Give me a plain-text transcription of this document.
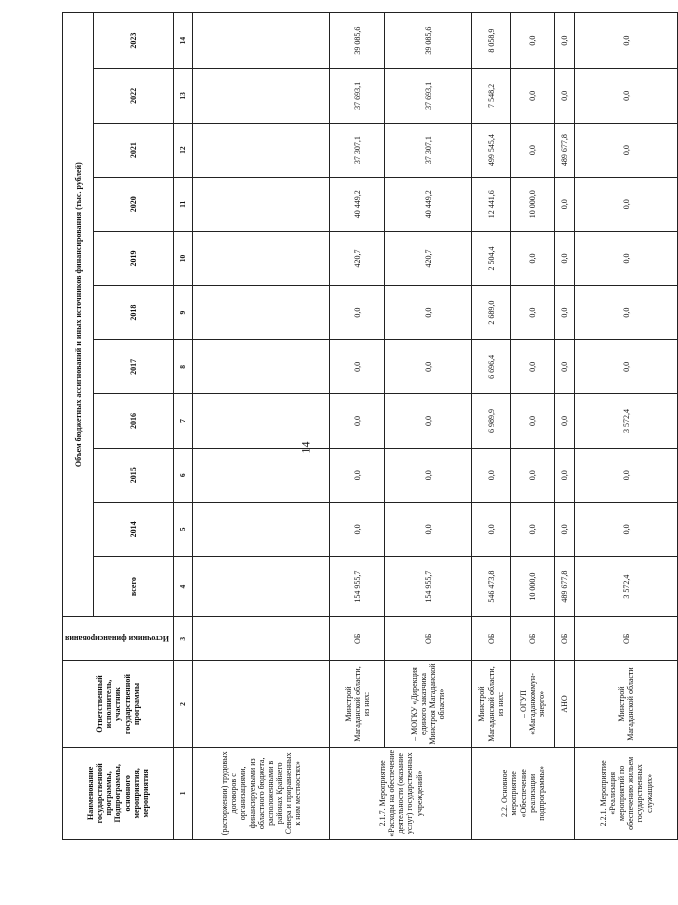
14
Наименование государственной программы, Подпрограммы, основного мероприятия, мероприятия	Ответственный исполнитель, участник государственной программы	Источники финансирования	Объем бюджетных ассигнований и иных источников финансирования (тыс. рублей)										
			всего	2014	2015	2016	2017	2018	2019	2020	2021	2022	2023
1	2	3	4	5	6	7	8	9	10	11	12	13	14
(расторжении) трудовых договоров с организациями, финансируемыми из областного бюджета, расположенными в районах Крайнего Севера и приравненных к ним местностях»													
2.1.7. Мероприятие «Расходы на обеспечение деятельности (оказание услуг) государственных учреждений»	Минстрой Магаданской области, из них:	ОБ	154 955,7	0,0	0,0	0,0	0,0	0,0	420,7	40 449,2	37 307,1	37 693,1	39 085,6
	– МОГКУ «Дирекция единого заказчика Минстроя Магаданской области»	ОБ	154 955,7	0,0	0,0	0,0	0,0	0,0	420,7	40 449,2	37 307,1	37 693,1	39 085,6
2.2. Основное мероприятие «Обеспечение реализации подпрограммы»	Минстрой Магаданской области, из них:	ОБ	546 473,8	0,0	0,0	6 989,9	6 696,4	2 689,0	2 504,4	12 441,6	499 545,4	7 548,2	8 058,9
	– ОГУП «Магаданкоммун-энерго»	ОБ	10 000,0	0,0	0,0	0,0	0,0	0,0	0,0	10 000,0	0,0	0,0	0,0
	АНО	ОБ	489 677,8	0,0	0,0	0,0	0,0	0,0	0,0	0,0	489 677,8	0,0	0,0
2.2.1. Мероприятие «Реализация мероприятий по обеспечению жильем государственных служащих»	Минстрой Магаданской области	ОБ	3 572,4	0,0	0,0	3 572,4	0,0	0,0	0,0	0,0	0,0	0,0	0,0
